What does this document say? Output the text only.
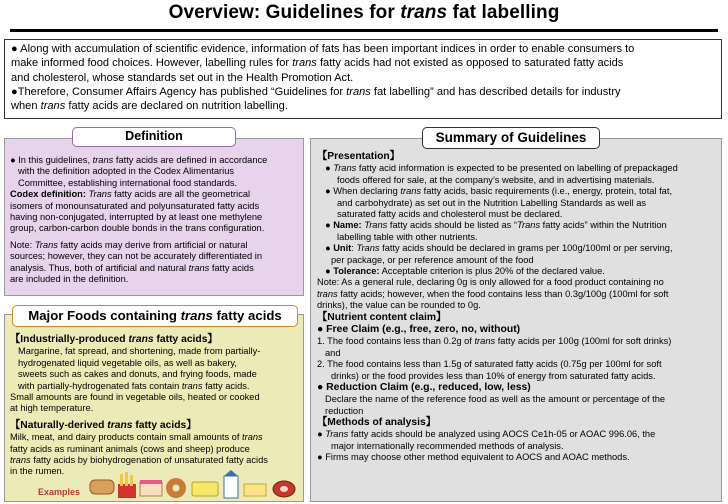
Overview: Guidelines for trans fat labelling
● Along with accumulation of scientific evidence, information of fats has been important indices in order to enable consumers to
make informed food choices. However, labelling rules for trans fatty acids had not existed as opposed to saturated fatty acids
and cholesterol, whose standards set out in the Health Promotion Act.
●Therefore, Consumer Affairs Agency has published “Guidelines for trans fat labelling” and has described details for industry
when trans fatty acids are declared on nutrition labelling.
● In this guidelines, trans fatty acids are defined in accordance
with the definition adopted in the Codex Alimentarius
Committee, establishing international food standards.
Codex definition: Trans fatty acids are all the geometrical
isomers of monounsaturated and polyunsaturated fatty acids
having non-conjugated, interrupted by at least one methylene
group, carbon-carbon double bonds in the trans configuration.
Note: Trans fatty acids may derive from artificial or natural
sources; however, they can not be accurately differentiated in
analysis. Thus, both of artificial and natural trans fatty acids
are included in the definition.
Definition
【Industrially-produced trans fatty acids】
Margarine, fat spread, and shortening, made from partially-
hydrogenated liquid vegetable oils, as well as bakery,
sweets such as cakes and donuts, and frying foods, made
with partially-hydrogenated fats contain trans fatty acids.
Small amounts are found in vegetable oils, heated or cooked
at high temperature.
【Naturally-derived trans fatty acids】
Milk, meat, and dairy products contain small amounts of trans
fatty acids as ruminant animals (cows and sheep) produce
trans fatty acids by biohydrogenation of unsaturated fatty acids
in the rumen.
Major Foods containing trans fatty acids
Examples
【Presentation】
● Trans fatty acid information is expected to be presented on labelling of prepackaged
foods offered for sale, at the company’s website, and in advertising materials.
● When declaring trans fatty acids, basic requirements (i.e., energy, protein, total fat,
and carbohydrate) as set out in the Nutrition Labelling Standards as well as
saturated fatty acids and cholesterol must be declared.
● Name: Trans fatty acids should be listed as “Trans fatty acids” within the Nutrition
labelling table with other nutrients.
● Unit: Trans fatty acids should be declared in grams per 100g/100ml or per serving,
per package, or per reference amount of the food
● Tolerance: Acceptable criterion is plus 20% of the declared value.
Note: As a general rule, declaring 0g is only allowed for a food product containing no
trans fatty acids; however, when the food contains less than 0.3g/100g (100ml for soft
drinks), the value can be rounded to 0g.
【Nutrient content claim】
● Free Claim (e.g., free, zero, no, without)
1. The food contains less than 0.2g of trans fatty acids per 100g (100ml for soft drinks)
and
2. The food contains less than 1.5g of saturated fatty acids (0.75g per 100ml for soft
drinks) or the food provides less than 10% of energy from saturated fatty acids.
● Reduction Claim (e.g., reduced, low, less)
Declare the name of the reference food as well as the amount or percentage of the
reduction
【Methods of analysis】
● Trans fatty acids should be analyzed using AOCS Ce1h-05 or AOAC 996.06, the
major internationally recommended methods of analysis.
● Firms may choose other method equivalent to AOCS and AOAC methods.
Summary of Guidelines
